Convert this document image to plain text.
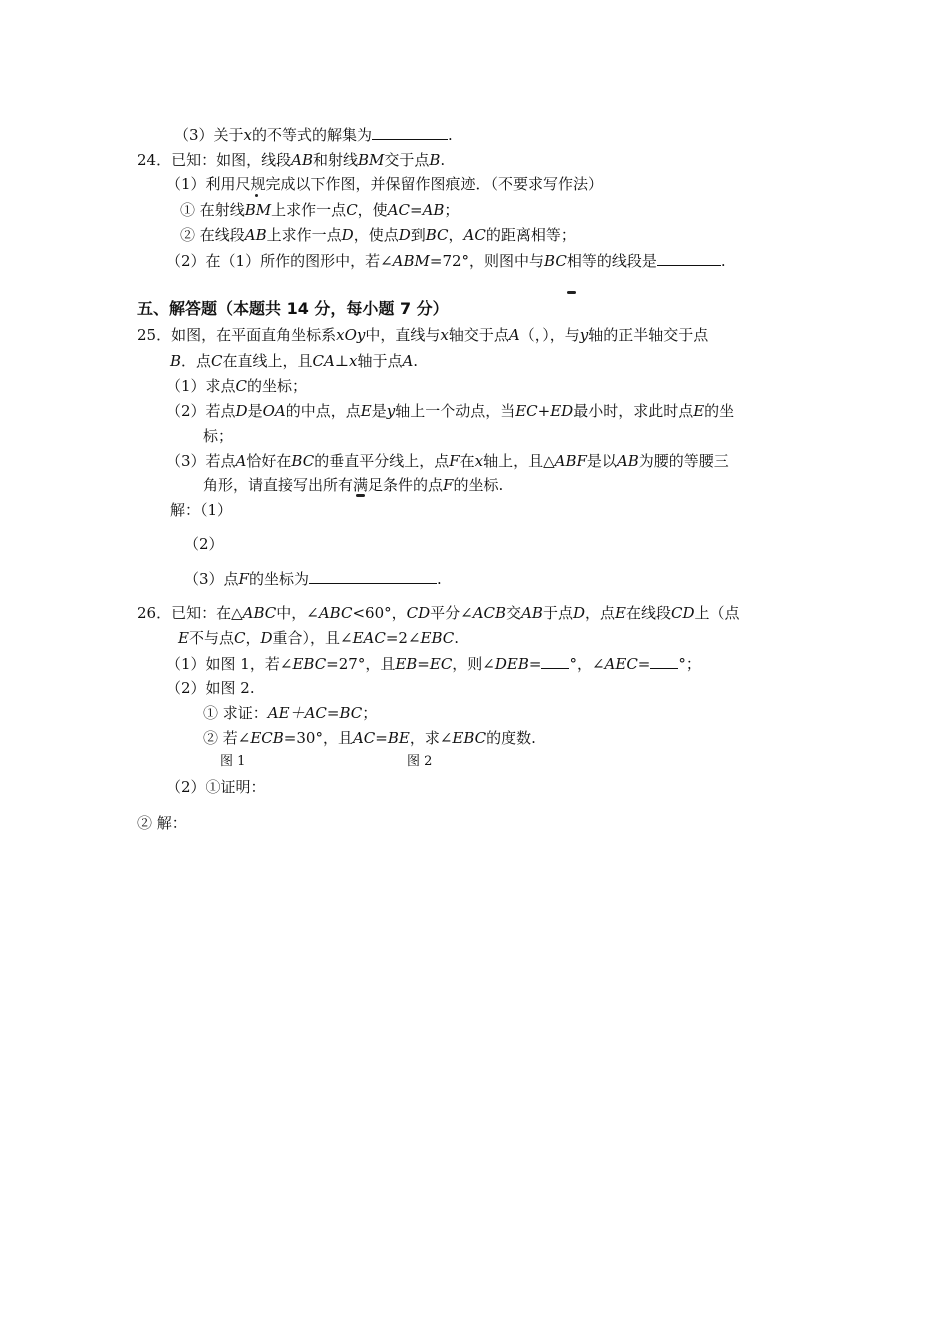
（3）关于x的不等式的解集为	.
24．已知：如图，线段AB和射线BM交于点B.
（1）利用尺规完成以下作图，并保留作图痕迹．（不要求写作法）
① 在射线BM上求作一点C，使AC=AB；
② 在线段AB上求作一点D，使点D到BC，AC的距离相等；
（2）在（1）所作的图形中，若∠ABM=72°，则图中与BC相等的线段是	.
五、解答题（本题共 14 分，每小题 7 分）
25．如图，在平面直角坐标系xOy中，直线与x轴交于点A（，），与y轴的正半轴交于点
B．点C在直线上，且CA⊥x轴于点A.
（1）求点C的坐标；
（2）若点D是OA的中点，点E是y轴上一个动点，当EC+ED最小时，求此时点E的坐
标；
（3）若点A恰好在BC的垂直平分线上，点F在x轴上，且△ABF是以AB为腰的等腰三
角形，请直接写出所有满足条件的点F的坐标.
解：（1）
（2）
（3）点F的坐标为	.
26．已知：在△ABC中，∠ABC<60°，CD平分∠ACB交AB于点D，点E在线段CD上（点
E不与点C，D重合），且∠EAC=2∠EBC.
（1）如图 1，若∠EBC=27°，且EB=EC，则∠DEB= °，∠AEC= °；
（2）如图 2.
① 求证：AE＋AC=BC；
② 若∠ECB=30°，且AC=BE，求∠EBC的度数.
图 1	图 2
（2）①证明：
② 解：
